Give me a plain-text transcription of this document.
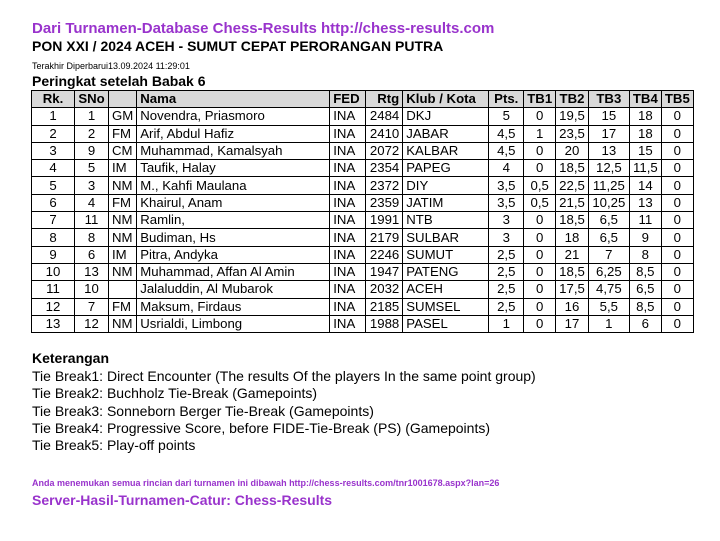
Dari Turnamen-Database Chess-Results http://chess-results.com
PON XXI / 2024 ACEH - SUMUT CEPAT PERORANGAN PUTRA
Terakhir Diperbarui13.09.2024 11:29:01
Peringkat setelah Babak 6
Rk.	SNo		Nama	FED	Rtg	Klub / Kota	Pts.	TB1	TB2	TB3	TB4	TB5
1	1	GM	Novendra, Priasmoro	INA	2484	DKJ	5	0	19,5	15	18	0
2	2	FM	Arif, Abdul Hafiz	INA	2410	JABAR	4,5	1	23,5	17	18	0
3	9	CM	Muhammad, Kamalsyah	INA	2072	KALBAR	4,5	0	20	13	15	0
4	5	IM	Taufik, Halay	INA	2354	PAPEG	4	0	18,5	12,5	11,5	0
5	3	NM	M., Kahfi Maulana	INA	2372	DIY	3,5	0,5	22,5	11,25	14	0
6	4	FM	Khairul, Anam	INA	2359	JATIM	3,5	0,5	21,5	10,25	13	0
7	11	NM	Ramlin,	INA	1991	NTB	3	0	18,5	6,5	11	0
8	8	NM	Budiman, Hs	INA	2179	SULBAR	3	0	18	6,5	9	0
9	6	IM	Pitra, Andyka	INA	2246	SUMUT	2,5	0	21	7	8	0
10	13	NM	Muhammad, Affan Al Amin	INA	1947	PATENG	2,5	0	18,5	6,25	8,5	0
11	10		Jalaluddin, Al Mubarok	INA	2032	ACEH	2,5	0	17,5	4,75	6,5	0
12	7	FM	Maksum, Firdaus	INA	2185	SUMSEL	2,5	0	16	5,5	8,5	0
13	12	NM	Usrialdi, Limbong	INA	1988	PASEL	1	0	17	1	6	0
Keterangan
Tie Break1: Direct Encounter (The results Of the players In the same point group)
Tie Break2: Buchholz Tie-Break (Gamepoints)
Tie Break3: Sonneborn Berger Tie-Break (Gamepoints)
Tie Break4: Progressive Score, before FIDE-Tie-Break (PS) (Gamepoints)
Tie Break5: Play-off points
Anda menemukan semua rincian dari turnamen ini dibawah http://chess-results.com/tnr1001678.aspx?lan=26
Server-Hasil-Turnamen-Catur: Chess-Results
